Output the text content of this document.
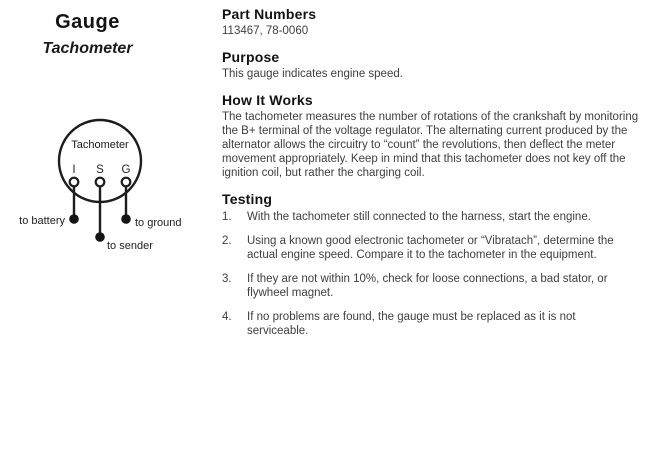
Gauge
Tachometer
Tachometer
I S G
to battery
to sender
to ground
Part Numbers
113467, 78-0060
Purpose
This gauge indicates engine speed.
How It Works
The tachometer measures the number of rotations of the crankshaft by monitoring the B+ terminal of the voltage regulator. The alternating current produced by the alternator allows the circuitry to “count” the revolutions, then deflect the meter movement appropriately. Keep in mind that this tachometer does not key off the ignition coil, but rather the charging coil.
Testing
1.	With the tachometer still connected to the harness, start the engine.
2.	Using a known good electronic tachometer or “Vibratach”, determine the actual engine speed. Compare it to the tachometer in the equipment.
3.	If they are not within 10%, check for loose connections, a bad stator, or flywheel magnet.
4.	If no problems are found, the gauge must be replaced as it is not serviceable.
